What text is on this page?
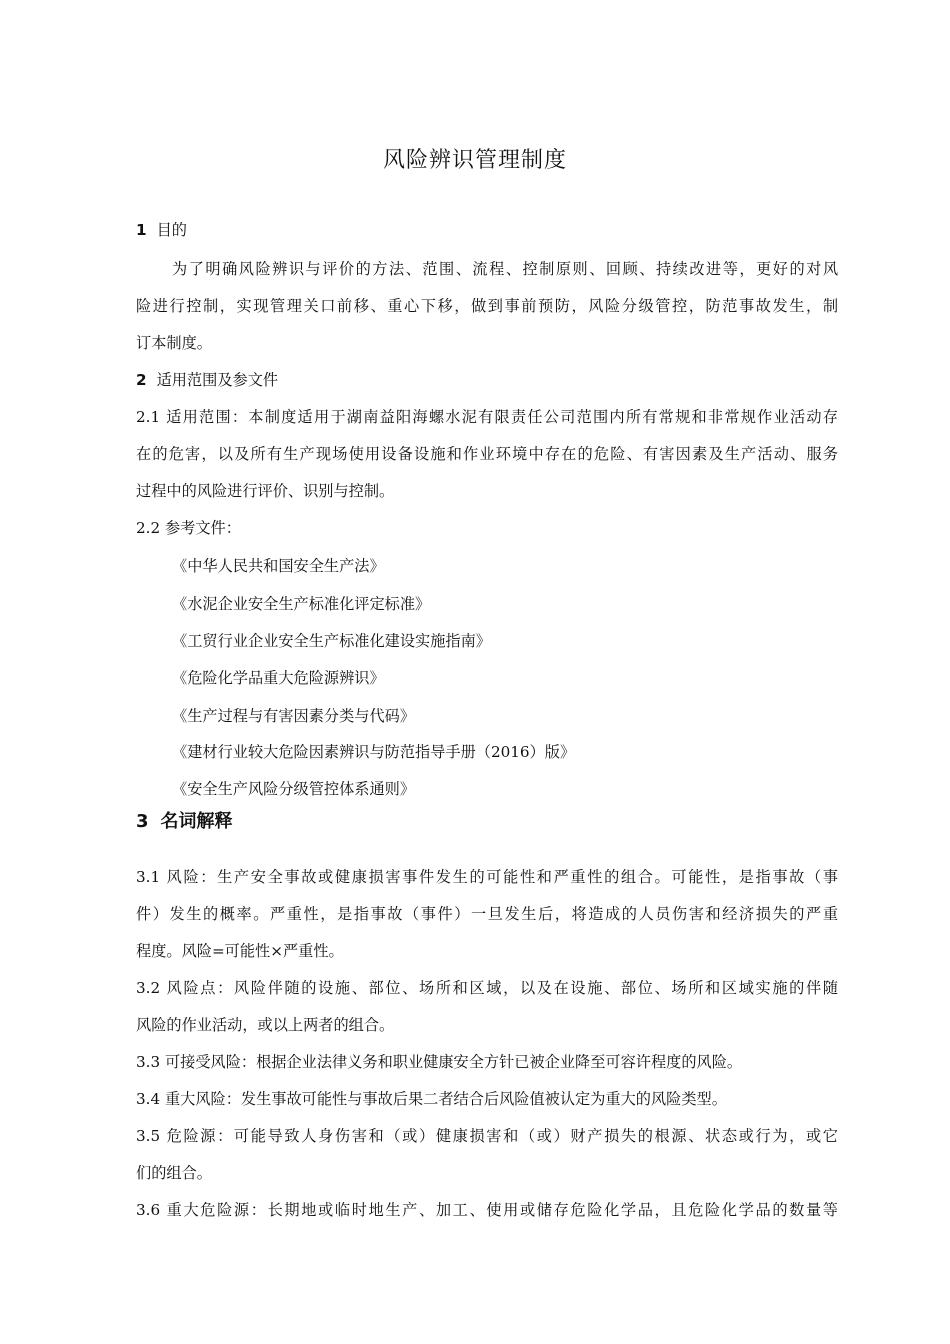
风险辨识管理制度
1 目的
为了明确风险辨识与评价的方法、范围、流程、控制原则、回顾、持续改进等，更好的对风
险进行控制，实现管理关口前移、重心下移，做到事前预防，风险分级管控，防范事故发生，制
订本制度。
2 适用范围及参文件
2.1 适用范围：本制度适用于湖南益阳海螺水泥有限责任公司范围内所有常规和非常规作业活动存
在的危害，以及所有生产现场使用设备设施和作业环境中存在的危险、有害因素及生产活动、服务
过程中的风险进行评价、识别与控制。
2.2 参考文件：
《中华人民共和国安全生产法》
《水泥企业安全生产标准化评定标准》
《工贸行业企业安全生产标准化建设实施指南》
《危险化学品重大危险源辨识》
《生产过程与有害因素分类与代码》
《建材行业较大危险因素辨识与防范指导手册（2016）版》
《安全生产风险分级管控体系通则》
3 名词解释
3.1 风险：生产安全事故或健康损害事件发生的可能性和严重性的组合。可能性，是指事故（事
件）发生的概率。严重性，是指事故（事件）一旦发生后，将造成的人员伤害和经济损失的严重
程度。风险=可能性×严重性。
3.2 风险点：风险伴随的设施、部位、场所和区域，以及在设施、部位、场所和区域实施的伴随
风险的作业活动，或以上两者的组合。
3.3 可接受风险：根据企业法律义务和职业健康安全方针已被企业降至可容许程度的风险。
3.4 重大风险：发生事故可能性与事故后果二者结合后风险值被认定为重大的风险类型。
3.5 危险源：可能导致人身伤害和（或）健康损害和（或）财产损失的根源、状态或行为，或它
们的组合。
3.6 重大危险源：长期地或临时地生产、加工、使用或储存危险化学品，且危险化学品的数量等
